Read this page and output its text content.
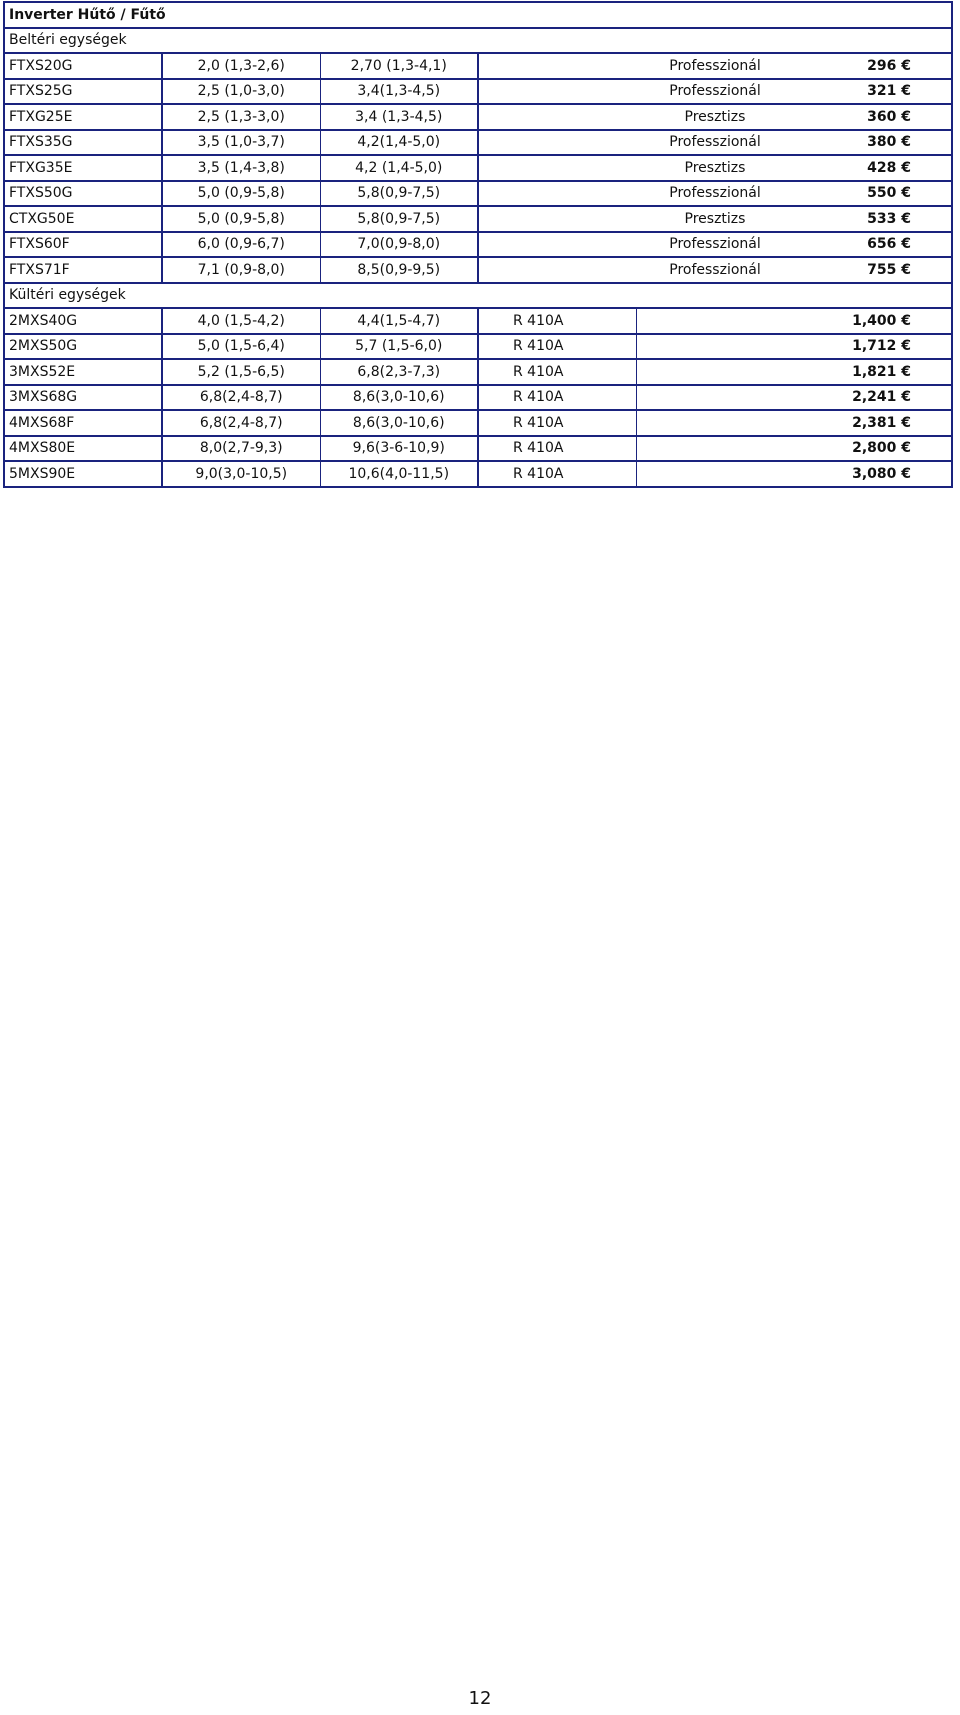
Inverter Hűtő / Fűtő					
Beltéri egységek					
FTXS20G	2,0 (1,3-2,6)	2,70 (1,3-4,1)		Professzionál	296 €
FTXS25G	2,5 (1,0-3,0)	3,4(1,3-4,5)		Professzionál	321 €
FTXG25E	2,5 (1,3-3,0)	3,4 (1,3-4,5)		Presztizs	360 €
FTXS35G	3,5 (1,0-3,7)	4,2(1,4-5,0)		Professzionál	380 €
FTXG35E	3,5 (1,4-3,8)	4,2 (1,4-5,0)		Presztizs	428 €
FTXS50G	5,0 (0,9-5,8)	5,8(0,9-7,5)		Professzionál	550 €
CTXG50E	5,0 (0,9-5,8)	5,8(0,9-7,5)		Presztizs	533 €
FTXS60F	6,0 (0,9-6,7)	7,0(0,9-8,0)		Professzionál	656 €
FTXS71F	7,1 (0,9-8,0)	8,5(0,9-9,5)		Professzionál	755 €
Kültéri egységek					
2MXS40G	4,0 (1,5-4,2)	4,4(1,5-4,7)	R 410A		1,400 €
2MXS50G	5,0 (1,5-6,4)	5,7 (1,5-6,0)	R 410A		1,712 €
3MXS52E	5,2 (1,5-6,5)	6,8(2,3-7,3)	R 410A		1,821 €
3MXS68G	6,8(2,4-8,7)	8,6(3,0-10,6)	R 410A		2,241 €
4MXS68F	6,8(2,4-8,7)	8,6(3,0-10,6)	R 410A		2,381 €
4MXS80E	8,0(2,7-9,3)	9,6(3-6-10,9)	R 410A		2,800 €
5MXS90E	9,0(3,0-10,5)	10,6(4,0-11,5)	R 410A		3,080 €
12
